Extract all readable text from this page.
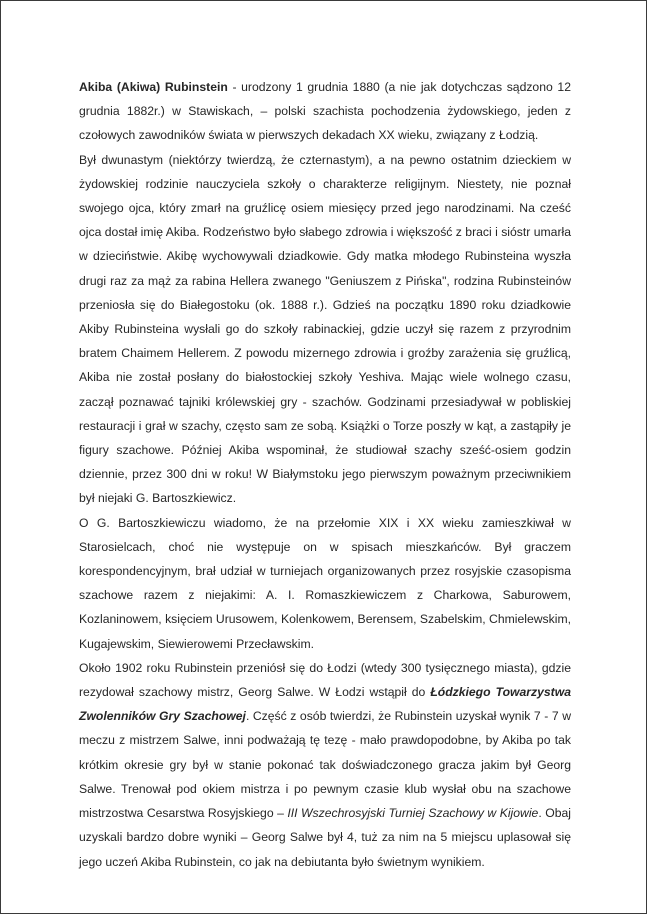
Akiba (Akiwa) Rubinstein - urodzony 1 grudnia 1880 (a nie jak dotychczas sądzono 12 grudnia 1882r.) w Stawiskach, – polski szachista pochodzenia żydowskiego, jeden z czołowych zawodników świata w pierwszych dekadach XX wieku, związany z Łodzią.

Był dwunastym (niektórzy twierdzą, że czternastym), a na pewno ostatnim dzieckiem w żydowskiej rodzinie nauczyciela szkoły o charakterze religijnym. Niestety, nie poznał swojego ojca, który zmarł na gruźlicę osiem miesięcy przed jego narodzinami. Na cześć ojca dostał imię Akiba. Rodzeństwo było słabego zdrowia i większość z braci i sióstr umarła w dzieciństwie. Akibę wychowywali dziadkowie. Gdy matka młodego Rubinsteina wyszła drugi raz za mąż za rabina Hellera zwanego "Geniuszem z Pińska", rodzina Rubinsteinów przeniosła się do Białegostoku (ok. 1888 r.). Gdzieś na początku 1890 roku dziadkowie Akiby Rubinsteina wysłali go do szkoły rabinackiej, gdzie uczył się razem z przyrodnim bratem Chaimem Hellerem. Z powodu mizernego zdrowia i groźby zarażenia się gruźlicą, Akiba nie został posłany do białostockiej szkoły Yeshiva. Mając wiele wolnego czasu, zaczął poznawać tajniki królewskiej gry - szachów. Godzinami przesiadywał w pobliskiej restauracji i grał w szachy, często sam ze sobą. Książki o Torze poszły w kąt, a zastąpiły je figury szachowe. Później Akiba wspominał, że studiował szachy sześć-osiem godzin dziennie, przez 300 dni w roku! W Białymstoku jego pierwszym poważnym przeciwnikiem był niejaki G. Bartoszkiewicz.

O G. Bartoszkiewiczu wiadomo, że na przełomie XIX i XX wieku zamieszkiwał w Starosielcach, choć nie występuje on w spisach mieszkańców. Był graczem korespondencyjnym, brał udział w turniejach organizowanych przez rosyjskie czasopisma szachowe razem z niejakimi: A. I. Romaszkiewiczem z Charkowa, Saburowem, Kozlaninowem, księciem Urusowem, Kolenkowem, Berensem, Szabelskim, Chmielewskim, Kugajewskim, Siewierowemi Przecławskim.

Około 1902 roku Rubinstein przeniósł się do Łodzi (wtedy 300 tysięcznego miasta), gdzie rezydował szachowy mistrz, Georg Salwe. W Łodzi wstąpił do Łódzkiego Towarzystwa Zwolenników Gry Szachowej. Część z osób twierdzi, że Rubinstein uzyskał wynik 7 - 7 w meczu z mistrzem Salwe, inni podważają tę tezę - mało prawdopodobne, by Akiba po tak krótkim okresie gry był w stanie pokonać tak doświadczonego gracza jakim był Georg Salwe. Trenował pod okiem mistrza i po pewnym czasie klub wysłał obu na szachowe mistrzostwa Cesarstwa Rosyjskiego – III Wszechrosyjski Turniej Szachowy w Kijowie. Obaj uzyskali bardzo dobre wyniki – Georg Salwe był 4, tuż za nim na 5 miejscu uplasował się jego uczeń Akiba Rubinstein, co jak na debiutanta było świetnym wynikiem.
